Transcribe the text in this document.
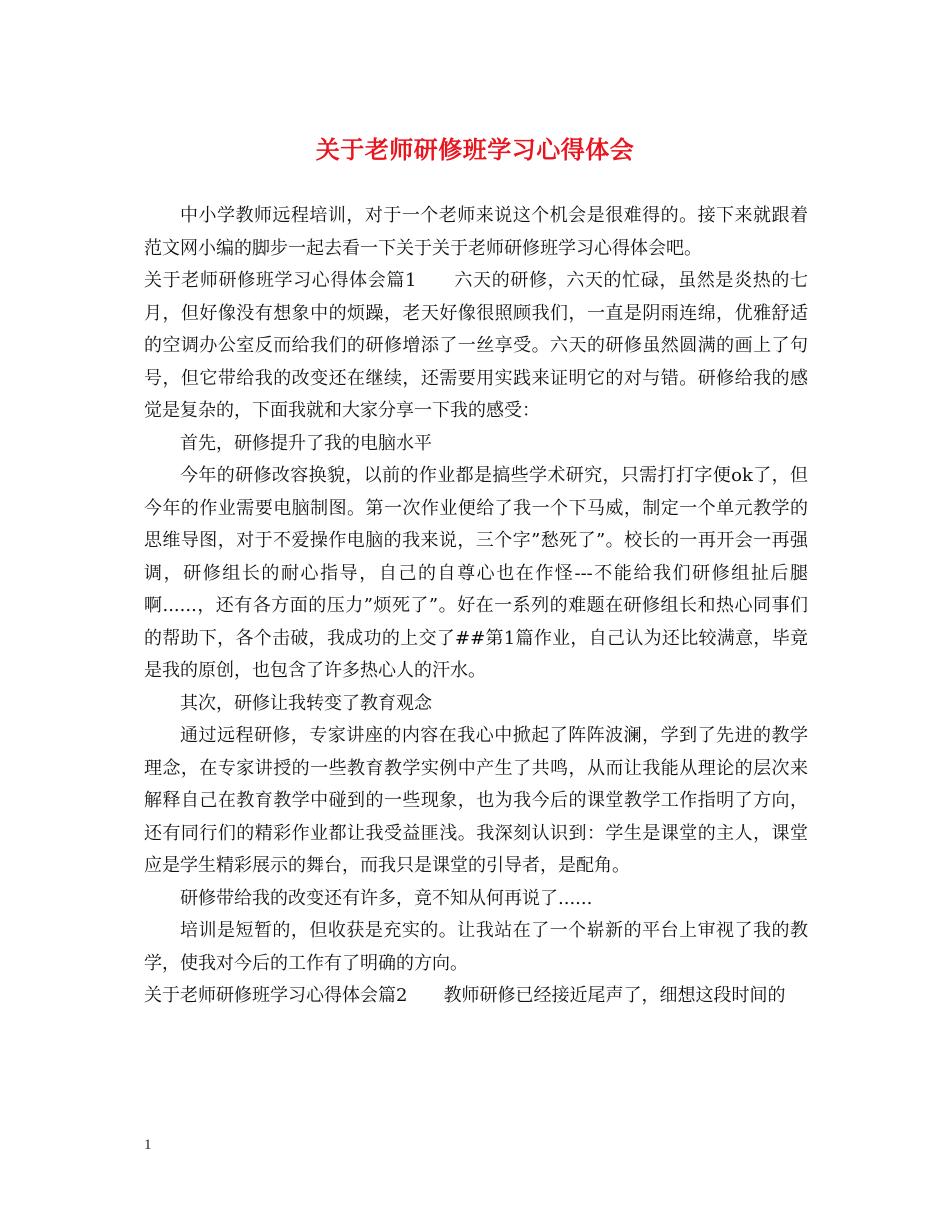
关于老师研修班学习心得体会

中小学教师远程培训，对于一个老师来说这个机会是很难得的。接下来就跟着范文网小编的脚步一起去看一下关于关于老师研修班学习心得体会吧。

关于老师研修班学习心得体会篇1　　六天的研修，六天的忙碌，虽然是炎热的七月，但好像没有想象中的烦躁，老天好像很照顾我们，一直是阴雨连绵，优雅舒适的空调办公室反而给我们的研修增添了一丝享受。六天的研修虽然圆满的画上了句号，但它带给我的改变还在继续，还需要用实践来证明它的对与错。研修给我的感觉是复杂的，下面我就和大家分享一下我的感受：

首先，研修提升了我的电脑水平

今年的研修改容换貌，以前的作业都是搞些学术研究，只需打打字便ok了，但今年的作业需要电脑制图。第一次作业便给了我一个下马威，制定一个单元教学的思维导图，对于不爱操作电脑的我来说，三个字”愁死了”。校长的一再开会一再强调，研修组长的耐心指导，自己的自尊心也在作怪---不能给我们研修组扯后腿啊......，还有各方面的压力”烦死了”。好在一系列的难题在研修组长和热心同事们的帮助下，各个击破，我成功的上交了##第1篇作业，自己认为还比较满意，毕竟是我的原创，也包含了许多热心人的汗水。

其次，研修让我转变了教育观念

通过远程研修，专家讲座的内容在我心中掀起了阵阵波澜，学到了先进的教学理念，在专家讲授的一些教育教学实例中产生了共鸣，从而让我能从理论的层次来解释自己在教育教学中碰到的一些现象，也为我今后的课堂教学工作指明了方向，还有同行们的精彩作业都让我受益匪浅。我深刻认识到：学生是课堂的主人，课堂应是学生精彩展示的舞台，而我只是课堂的引导者，是配角。

研修带给我的改变还有许多，竟不知从何再说了......

培训是短暂的，但收获是充实的。让我站在了一个崭新的平台上审视了我的教学，使我对今后的工作有了明确的方向。

关于老师研修班学习心得体会篇2　　教师研修已经接近尾声了，细想这段时间的

1
